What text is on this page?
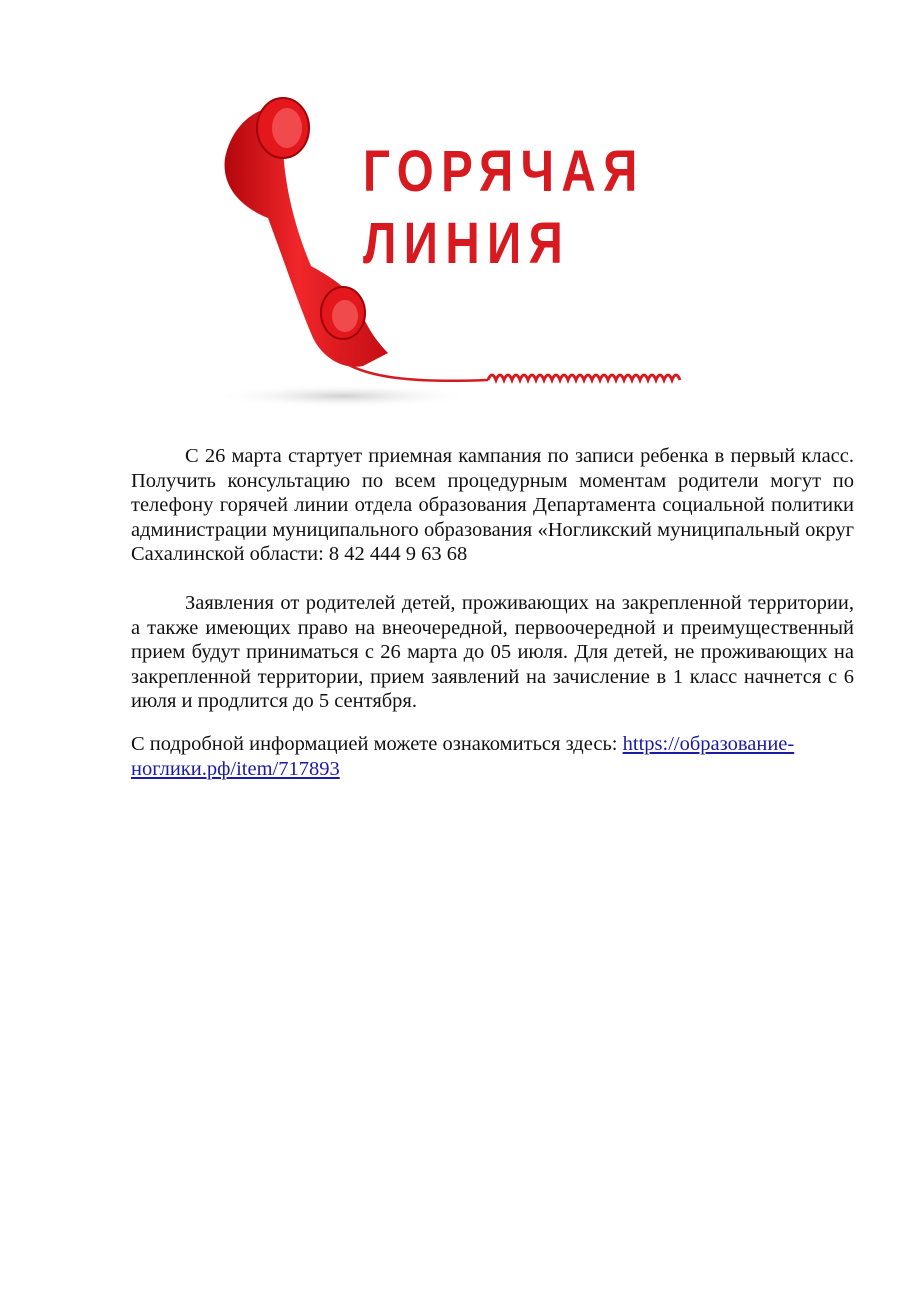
ГОРЯЧАЯ
ЛИНИЯ

С 26 марта стартует приемная кампания по записи ребенка в первый класс. Получить консультацию по всем процедурным моментам родители могут по телефону горячей линии отдела образования Департамента социальной политики администрации муниципального образования «Ногликский муниципальный округ Сахалинской области: 8 42 444 9 63 68

Заявления от родителей детей, проживающих на закрепленной территории, а также имеющих право на внеочередной, первоочередной и преимущественный прием будут приниматься с 26 марта до 05 июля. Для детей, не проживающих на закрепленной территории, прием заявлений на зачисление в 1 класс начнется с 6 июля и продлится до 5 сентября.

С подробной информацией можете ознакомиться здесь: https://образование-ноглики.рф/item/717893
